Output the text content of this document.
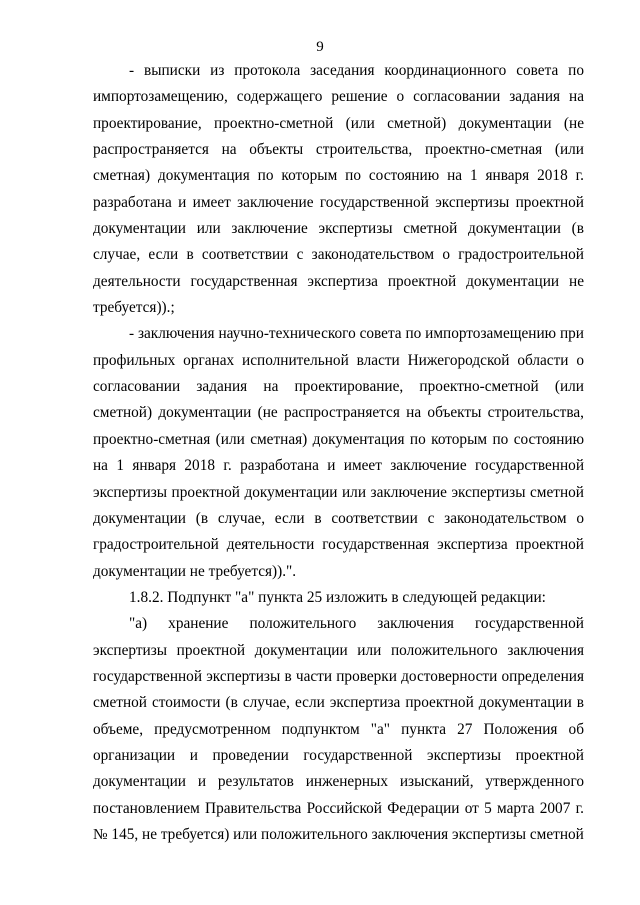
9

- выписки из протокола заседания координационного совета по импортозамещению, содержащего решение о согласовании задания на проектирование, проектно-сметной (или сметной) документации (не распространяется на объекты строительства, проектно-сметная (или сметная) документация по которым по состоянию на 1 января 2018 г. разработана и имеет заключение государственной экспертизы проектной документации или заключение экспертизы сметной документации (в случае, если в соответствии с законодательством о градостроительной деятельности государственная экспертиза проектной документации не требуется)).;

- заключения научно-технического совета по импортозамещению при профильных органах исполнительной власти Нижегородской области о согласовании задания на проектирование, проектно-сметной (или сметной) документации (не распространяется на объекты строительства, проектно-сметная (или сметная) документация по которым по состоянию на 1 января 2018 г. разработана и имеет заключение государственной экспертизы проектной документации или заключение экспертизы сметной документации (в случае, если в соответствии с законодательством о градостроительной деятельности государственная экспертиза проектной документации не требуется)).".

1.8.2. Подпункт "а" пункта 25 изложить в следующей редакции:

"а) хранение положительного заключения государственной экспертизы проектной документации или положительного заключения государственной экспертизы в части проверки достоверности определения сметной стоимости (в случае, если экспертиза проектной документации в объеме, предусмотренном подпунктом "а" пункта 27 Положения об организации и проведении государственной экспертизы проектной документации и результатов инженерных изысканий, утвержденного постановлением Правительства Российской Федерации от 5 марта 2007 г. № 145, не требуется) или положительного заключения экспертизы сметной
